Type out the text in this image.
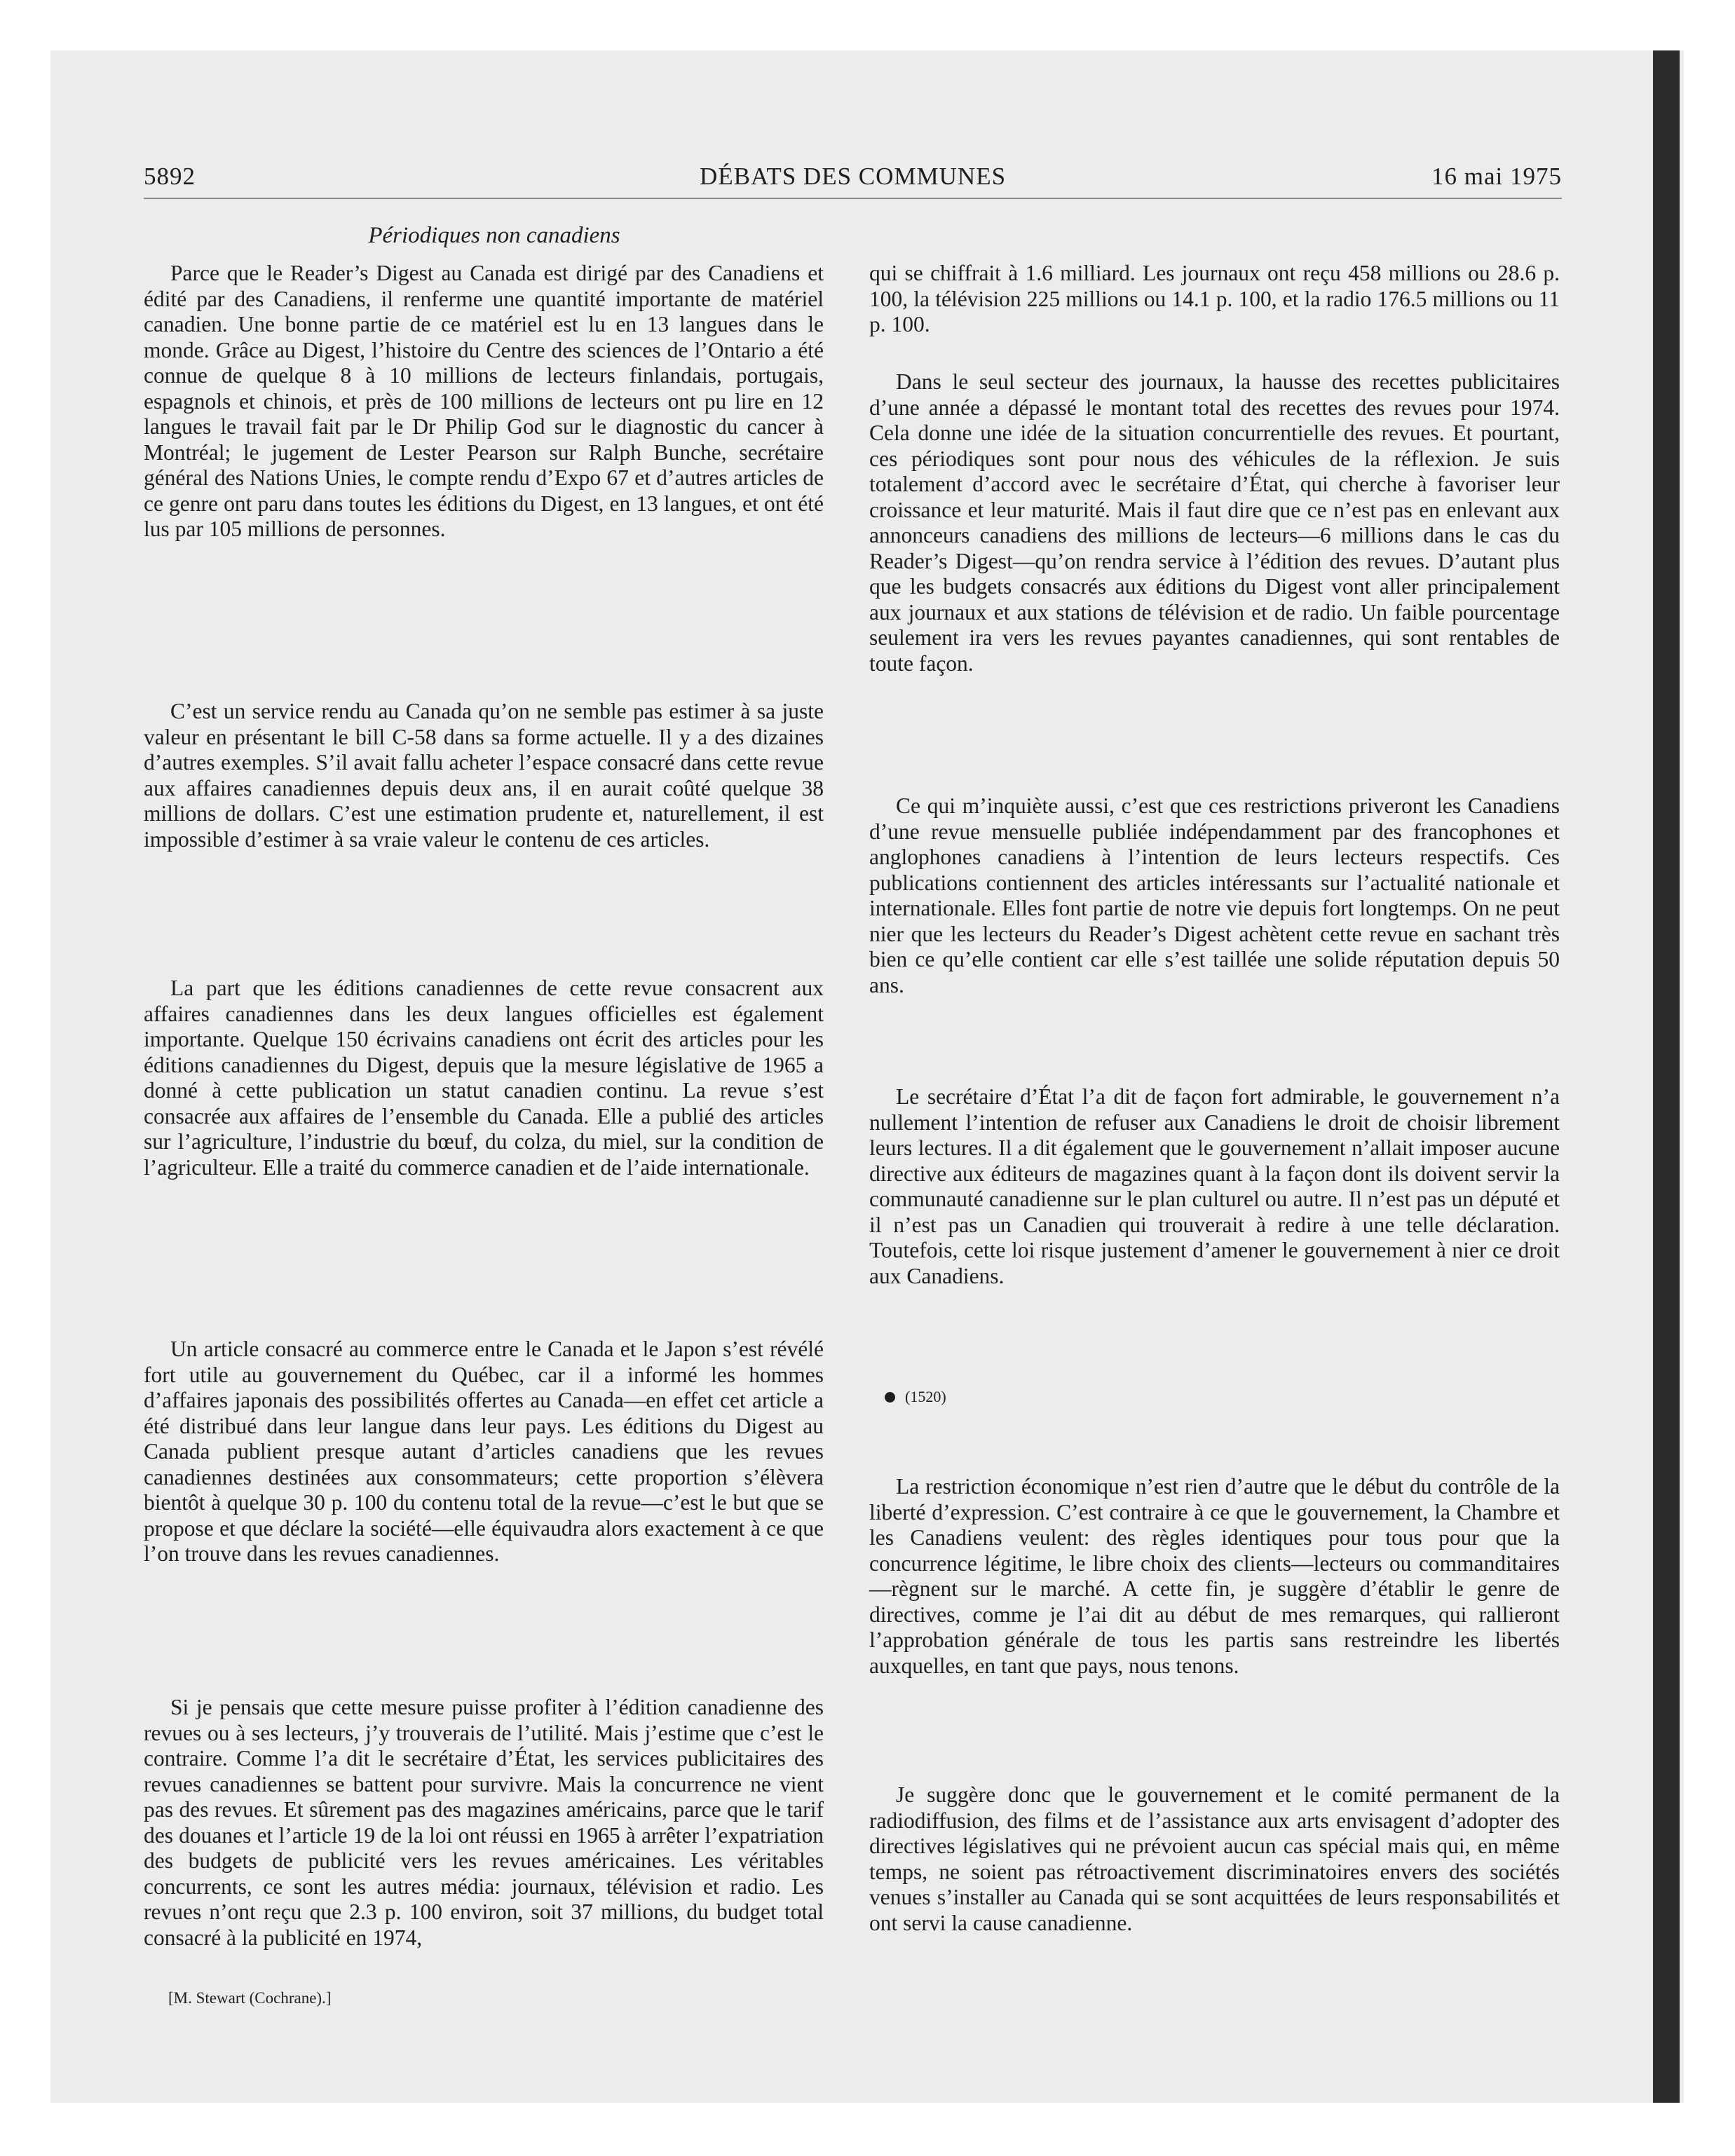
5892	DÉBATS DES COMMUNES	16 mai 1975
Périodiques non canadiens

Parce que le Reader’s Digest au Canada est dirigé par des Canadiens et édité par des Canadiens, il renferme une quantité importante de matériel canadien. Une bonne partie de ce matériel est lu en 13 langues dans le monde. Grâce au Digest, l’histoire du Centre des sciences de l’Ontario a été connue de quelque 8 à 10 millions de lecteurs finlandais, portugais, espagnols et chinois, et près de 100 millions de lecteurs ont pu lire en 12 langues le travail fait par le Dr Philip God sur le diagnostic du cancer à Montréal; le jugement de Lester Pearson sur Ralph Bunche, secrétaire général des Nations Unies, le compte rendu d’Expo 67 et d’autres articles de ce genre ont paru dans toutes les éditions du Digest, en 13 langues, et ont été lus par 105 millions de personnes.

C’est un service rendu au Canada qu’on ne semble pas estimer à sa juste valeur en présentant le bill C-58 dans sa forme actuelle. Il y a des dizaines d’autres exemples. S’il avait fallu acheter l’espace consacré dans cette revue aux affaires canadiennes depuis deux ans, il en aurait coûté quelque 38 millions de dollars. C’est une estimation prudente et, naturellement, il est impossible d’estimer à sa vraie valeur le contenu de ces articles.

La part que les éditions canadiennes de cette revue consacrent aux affaires canadiennes dans les deux langues officielles est également importante. Quelque 150 écrivains canadiens ont écrit des articles pour les éditions canadiennes du Digest, depuis que la mesure législative de 1965 a donné à cette publication un statut canadien continu. La revue s’est consacrée aux affaires de l’ensemble du Canada. Elle a publié des articles sur l’agriculture, l’industrie du bœuf, du colza, du miel, sur la condition de l’agriculteur. Elle a traité du commerce canadien et de l’aide internationale.

Un article consacré au commerce entre le Canada et le Japon s’est révélé fort utile au gouvernement du Québec, car il a informé les hommes d’affaires japonais des possibilités offertes au Canada—en effet cet article a été distribué dans leur langue dans leur pays. Les éditions du Digest au Canada publient presque autant d’articles canadiens que les revues canadiennes destinées aux consommateurs; cette proportion s’élèvera bientôt à quelque 30 p. 100 du contenu total de la revue—c’est le but que se propose et que déclare la société—elle équivaudra alors exactement à ce que l’on trouve dans les revues canadiennes.

Si je pensais que cette mesure puisse profiter à l’édition canadienne des revues ou à ses lecteurs, j’y trouverais de l’utilité. Mais j’estime que c’est le contraire. Comme l’a dit le secrétaire d’État, les services publicitaires des revues canadiennes se battent pour survivre. Mais la concurrence ne vient pas des revues. Et sûrement pas des magazines américains, parce que le tarif des douanes et l’article 19 de la loi ont réussi en 1965 à arrêter l’expatriation des budgets de publicité vers les revues américaines. Les véritables concurrents, ce sont les autres média: journaux, télévision et radio. Les revues n’ont reçu que 2.3 p. 100 environ, soit 37 millions, du budget total consacré à la publicité en 1974,

[M. Stewart (Cochrane).]

qui se chiffrait à 1.6 milliard. Les journaux ont reçu 458 millions ou 28.6 p. 100, la télévision 225 millions ou 14.1 p. 100, et la radio 176.5 millions ou 11 p. 100.

Dans le seul secteur des journaux, la hausse des recettes publicitaires d’une année a dépassé le montant total des recettes des revues pour 1974. Cela donne une idée de la situation concurrentielle des revues. Et pourtant, ces périodiques sont pour nous des véhicules de la réflexion. Je suis totalement d’accord avec le secrétaire d’État, qui cherche à favoriser leur croissance et leur maturité. Mais il faut dire que ce n’est pas en enlevant aux annonceurs canadiens des millions de lecteurs—6 millions dans le cas du Reader’s Digest—qu’on rendra service à l’édition des revues. D’autant plus que les budgets consacrés aux éditions du Digest vont aller principalement aux journaux et aux stations de télévision et de radio. Un faible pourcentage seulement ira vers les revues payantes canadiennes, qui sont rentables de toute façon.

Ce qui m’inquiète aussi, c’est que ces restrictions priveront les Canadiens d’une revue mensuelle publiée indépendamment par des francophones et anglophones canadiens à l’intention de leurs lecteurs respectifs. Ces publications contiennent des articles intéressants sur l’actualité nationale et internationale. Elles font partie de notre vie depuis fort longtemps. On ne peut nier que les lecteurs du Reader’s Digest achètent cette revue en sachant très bien ce qu’elle contient car elle s’est taillée une solide réputation depuis 50 ans.

Le secrétaire d’État l’a dit de façon fort admirable, le gouvernement n’a nullement l’intention de refuser aux Canadiens le droit de choisir librement leurs lectures. Il a dit également que le gouvernement n’allait imposer aucune directive aux éditeurs de magazines quant à la façon dont ils doivent servir la communauté canadienne sur le plan culturel ou autre. Il n’est pas un député et il n’est pas un Canadien qui trouverait à redire à une telle déclaration. Toutefois, cette loi risque justement d’amener le gouvernement à nier ce droit aux Canadiens.

(1520)

La restriction économique n’est rien d’autre que le début du contrôle de la liberté d’expression. C’est contraire à ce que le gouvernement, la Chambre et les Canadiens veulent: des règles identiques pour tous pour que la concurrence légitime, le libre choix des clients—lecteurs ou commanditaires—règnent sur le marché. A cette fin, je suggère d’établir le genre de directives, comme je l’ai dit au début de mes remarques, qui rallieront l’approbation générale de tous les partis sans restreindre les libertés auxquelles, en tant que pays, nous tenons.

Je suggère donc que le gouvernement et le comité permanent de la radiodiffusion, des films et de l’assistance aux arts envisagent d’adopter des directives législatives qui ne prévoient aucun cas spécial mais qui, en même temps, ne soient pas rétroactivement discriminatoires envers des sociétés venues s’installer au Canada qui se sont acquittées de leurs responsabilités et ont servi la cause canadienne.
